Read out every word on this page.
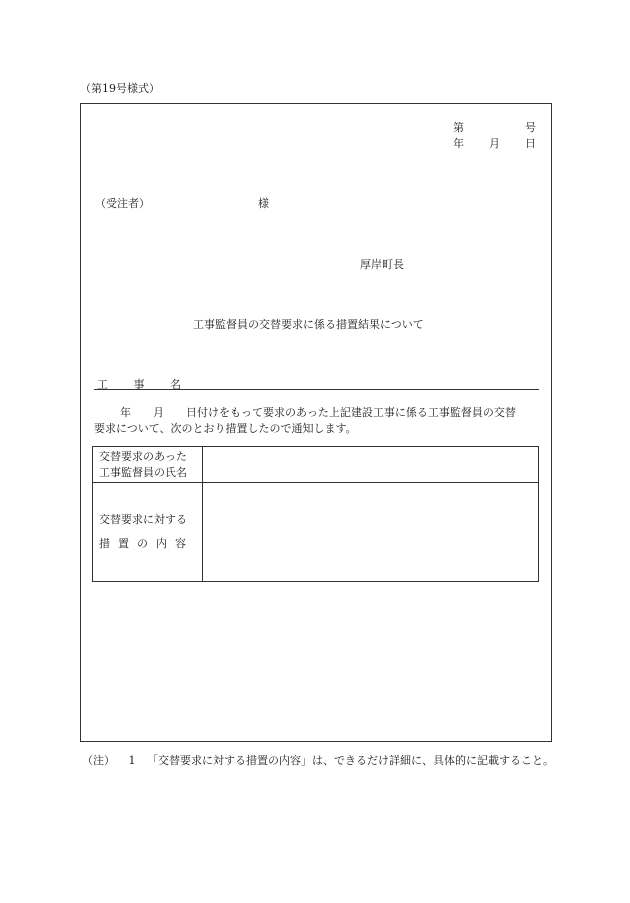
（第19号様式）
第	号
年 月 日
（受注者）	様
厚岸町長
工事監督員の交替要求に係る措置結果について
工 事 名
年　　月　　日付けをもって要求のあった上記建設工事に係る工事監督員の交替
要求について、次のとおり措置したので通知します。
交替要求のあった
工事監督員の氏名	

交替要求に対する
措置の内容	

（注） 1 「交替要求に対する措置の内容」は、できるだけ詳細に、具体的に記載すること。
